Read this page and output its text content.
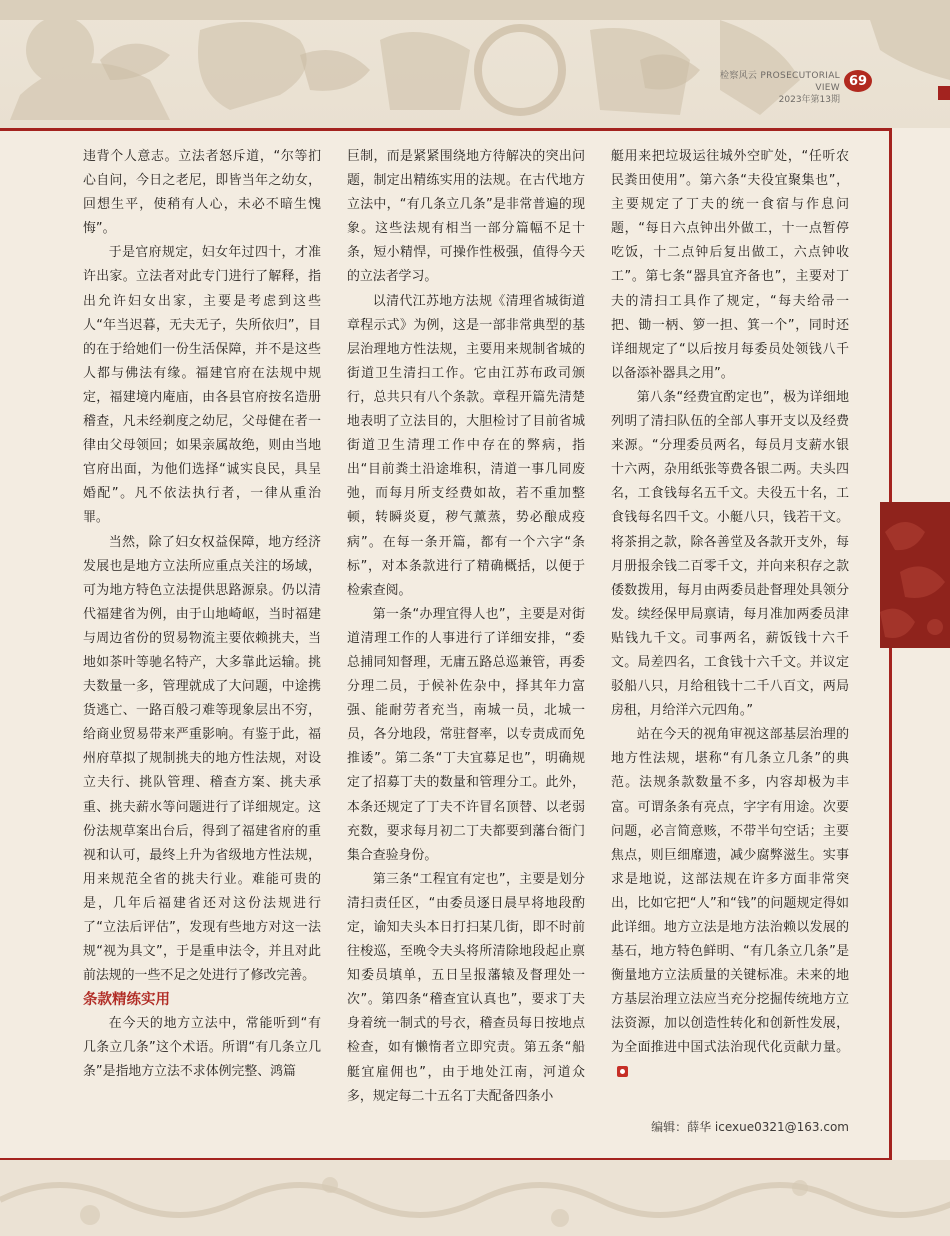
检察风云 PROSECUTORIAL VIEW
2023年第13期
69

违背个人意志。立法者怒斥道，“尔等扪心自问，今日之老尼，即皆当年之幼女，回想生平，使稍有人心，未必不暗生愧悔”。

于是官府规定，妇女年过四十，才准许出家。立法者对此专门进行了解释，指出允许妇女出家，主要是考虑到这些人“年当迟暮，无夫无子，失所依归”，目的在于给她们一份生活保障，并不是这些人都与佛法有缘。福建官府在法规中规定，福建境内庵庙，由各县官府按名造册稽查，凡未经剃度之幼尼，父母健在者一律由父母领回；如果亲属故绝，则由当地官府出面，为他们选择“诚实良民，具呈婚配”。凡不依法执行者，一律从重治罪。

当然，除了妇女权益保障，地方经济发展也是地方立法所应重点关注的场域，可为地方特色立法提供思路源泉。仍以清代福建省为例，由于山地崎岖，当时福建与周边省份的贸易物流主要依赖挑夫，当地如茶叶等驰名特产，大多靠此运输。挑夫数量一多，管理就成了大问题，中途携货逃亡、一路百般刁难等现象层出不穷，给商业贸易带来严重影响。有鉴于此，福州府草拟了规制挑夫的地方性法规，对设立夫行、挑队管理、稽查方案、挑夫承重、挑夫薪水等问题进行了详细规定。这份法规草案出台后，得到了福建省府的重视和认可，最终上升为省级地方性法规，用来规范全省的挑夫行业。难能可贵的是，几年后福建省还对这份法规进行了“立法后评估”，发现有些地方对这一法规“视为具文”，于是重申法令，并且对此前法规的一些不足之处进行了修改完善。

条款精练实用

在今天的地方立法中，常能听到“有几条立几条”这个术语。所谓“有几条立几条”是指地方立法不求体例完整、鸿篇

巨制，而是紧紧围绕地方待解决的突出问题，制定出精练实用的法规。在古代地方立法中，“有几条立几条”是非常普遍的现象。这些法规有相当一部分篇幅不足十条，短小精悍，可操作性极强，值得今天的立法者学习。

以清代江苏地方法规《清理省城街道章程示式》为例，这是一部非常典型的基层治理地方性法规，主要用来规制省城的街道卫生清扫工作。它由江苏布政司颁行，总共只有八个条款。章程开篇先清楚地表明了立法目的，大胆检讨了目前省城街道卫生清理工作中存在的弊病，指出“目前粪土沿途堆积，清道一事几同废弛，而每月所支经费如故，若不重加整顿，转瞬炎夏，秽气薰蒸，势必酿成疫病”。在每一条开篇，都有一个六字“条标”，对本条款进行了精确概括，以便于检索查阅。

第一条“办理宜得人也”，主要是对街道清理工作的人事进行了详细安排，“委总捕同知督理，无庸五路总巡兼管，再委分理二员，于候补佐杂中，择其年力富强、能耐劳者充当，南城一员，北城一员，各分地段，常驻督率，以专责成而免推诿”。第二条“丁夫宜募足也”，明确规定了招募丁夫的数量和管理分工。此外，本条还规定了丁夫不许冒名顶替、以老弱充数，要求每月初二丁夫都要到藩台衙门集合查验身份。

第三条“工程宜有定也”，主要是划分清扫责任区，“由委员逐日晨早将地段酌定，谕知夫头本日打扫某几街，即不时前往梭巡，至晚令夫头将所清除地段起止禀知委员填单，五日呈报藩辕及督理处一次”。第四条“稽查宜认真也”，要求丁夫身着统一制式的号衣，稽查员每日按地点检查，如有懒惰者立即究责。第五条“船艇宜雇佣也”，由于地处江南，河道众多，规定每二十五名丁夫配备四条小

艇用来把垃圾运往城外空旷处，“任听农民粪田使用”。第六条“夫役宜聚集也”，主要规定了丁夫的统一食宿与作息问题，“每日六点钟出外做工，十一点暂停吃饭，十二点钟后复出做工，六点钟收工”。第七条“器具宜齐备也”，主要对丁夫的清扫工具作了规定，“每夫给帚一把、锄一柄、箩一担、箕一个”，同时还详细规定了“以后按月每委员处领钱八千以备添补器具之用”。

第八条“经费宜酌定也”，极为详细地列明了清扫队伍的全部人事开支以及经费来源。“分理委员两名，每员月支薪水银十六两，杂用纸张等费各银二两。夫头四名，工食钱每名五千文。夫役五十名，工食钱每名四千文。小艇八只，钱若干文。将茶捐之款，除各善堂及各款开支外，每月册报余钱二百零千文，并向来积存之款倭数拨用，每月由两委员赴督理处具领分发。续经保甲局禀请，每月准加两委员津贴钱九千文。司事两名，薪饭钱十六千文。局差四名，工食钱十六千文。并议定驳船八只，月给租钱十二千八百文，两局房租，月给洋六元四角。”

站在今天的视角审视这部基层治理的地方性法规，堪称“有几条立几条”的典范。法规条款数量不多，内容却极为丰富。可谓条条有亮点，字字有用途。次要问题，必言简意赅，不带半句空话；主要焦点，则巨细靡遗，减少腐弊滋生。实事求是地说，这部法规在许多方面非常突出，比如它把“人”和“钱”的问题规定得如此详细。地方立法是地方法治赖以发展的基石，地方特色鲜明、“有几条立几条”是衡量地方立法质量的关键标准。未来的地方基层治理立法应当充分挖掘传统地方立法资源，加以创造性转化和创新性发展，为全面推进中国式法治现代化贡献力量。

编辑：薛华 icexue0321@163.com
